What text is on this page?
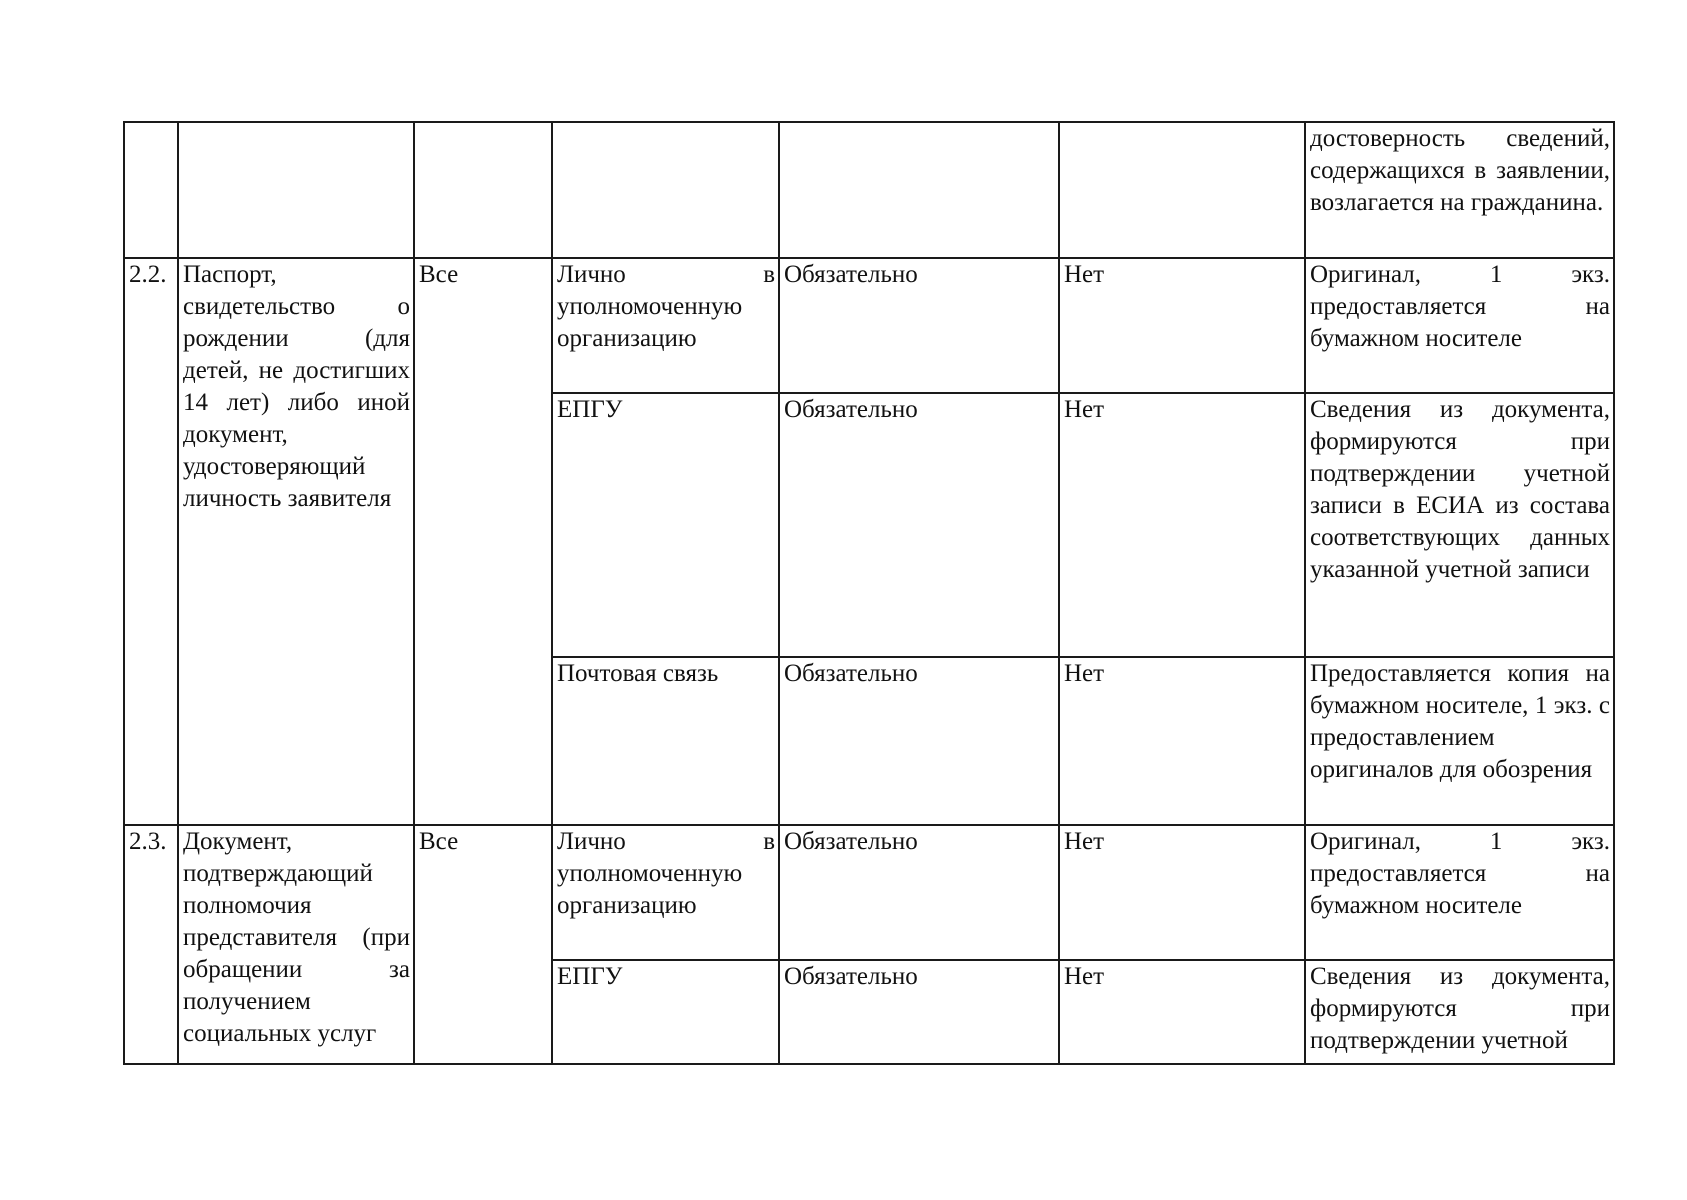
						достоверность сведений, содержащихся в заявлении, возлагается на гражданина.
2.2.	Паспорт, свидетельство о рождении (для детей, не достигших 14 лет) либо иной документ, удостоверяющий личность заявителя	Все	Лично в уполномоченную организацию	Обязательно	Нет	Оригинал, 1 экз. предоставляется на бумажном носителе
			ЕПГУ	Обязательно	Нет	Сведения из документа, формируются при подтверждении учетной записи в ЕСИА из состава соответствующих данных указанной учетной записи
			Почтовая связь	Обязательно	Нет	Предоставляется копия на бумажном носителе, 1 экз. с предоставлением оригиналов для обозрения
2.3.	Документ, подтверждающий полномочия представителя (при обращении за получением социальных услуг	Все	Лично в уполномоченную организацию	Обязательно	Нет	Оригинал, 1 экз. предоставляется на бумажном носителе
			ЕПГУ	Обязательно	Нет	Сведения из документа, формируются при подтверждении учетной
